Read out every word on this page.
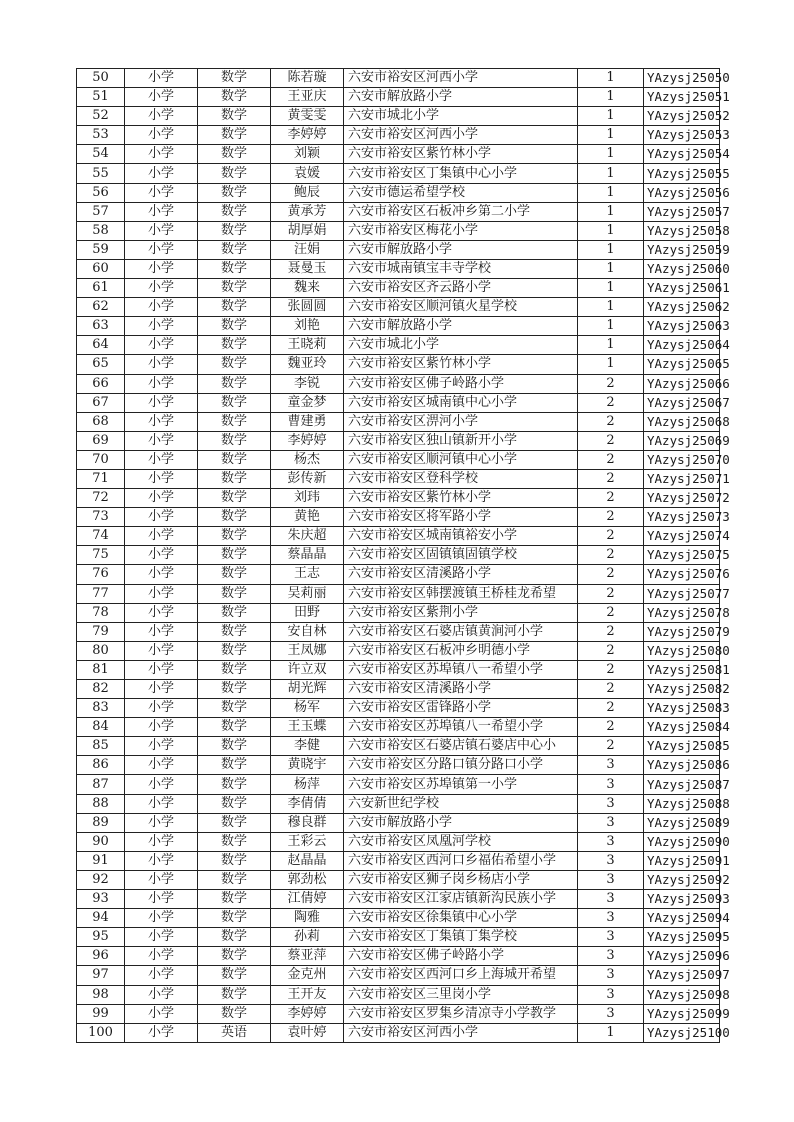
50	小学	数学	陈若璇	六安市裕安区河西小学	1	YAzysj25050
51	小学	数学	王亚庆	六安市解放路小学	1	YAzysj25051
52	小学	数学	黄雯雯	六安市城北小学	1	YAzysj25052
53	小学	数学	李婷婷	六安市裕安区河西小学	1	YAzysj25053
54	小学	数学	刘颖	六安市裕安区紫竹林小学	1	YAzysj25054
55	小学	数学	袁媛	六安市裕安区丁集镇中心小学	1	YAzysj25055
56	小学	数学	鲍辰	六安市德运希望学校	1	YAzysj25056
57	小学	数学	黄承芳	六安市裕安区石板冲乡第二小学	1	YAzysj25057
58	小学	数学	胡厚娟	六安市裕安区梅花小学	1	YAzysj25058
59	小学	数学	汪娟	六安市解放路小学	1	YAzysj25059
60	小学	数学	聂曼玉	六安市城南镇宝丰寺学校	1	YAzysj25060
61	小学	数学	魏来	六安市裕安区齐云路小学	1	YAzysj25061
62	小学	数学	张圆圆	六安市裕安区顺河镇火星学校	1	YAzysj25062
63	小学	数学	刘艳	六安市解放路小学	1	YAzysj25063
64	小学	数学	王晓莉	六安市城北小学	1	YAzysj25064
65	小学	数学	魏亚玲	六安市裕安区紫竹林小学	1	YAzysj25065
66	小学	数学	李锐	六安市裕安区佛子岭路小学	2	YAzysj25066
67	小学	数学	童金梦	六安市裕安区城南镇中心小学	2	YAzysj25067
68	小学	数学	曹建勇	六安市裕安区淠河小学	2	YAzysj25068
69	小学	数学	李婷婷	六安市裕安区独山镇新开小学	2	YAzysj25069
70	小学	数学	杨杰	六安市裕安区顺河镇中心小学	2	YAzysj25070
71	小学	数学	彭传新	六安市裕安区登科学校	2	YAzysj25071
72	小学	数学	刘玮	六安市裕安区紫竹林小学	2	YAzysj25072
73	小学	数学	黄艳	六安市裕安区将军路小学	2	YAzysj25073
74	小学	数学	朱庆超	六安市裕安区城南镇裕安小学	2	YAzysj25074
75	小学	数学	蔡晶晶	六安市裕安区固镇镇固镇学校	2	YAzysj25075
76	小学	数学	王志	六安市裕安区清溪路小学	2	YAzysj25076
77	小学	数学	吴莉丽	六安市裕安区韩摆渡镇王桥桂龙希望	2	YAzysj25077
78	小学	数学	田野	六安市裕安区紫荆小学	2	YAzysj25078
79	小学	数学	安自林	六安市裕安区石婆店镇黄涧河小学	2	YAzysj25079
80	小学	数学	王凤娜	六安市裕安区石板冲乡明德小学	2	YAzysj25080
81	小学	数学	许立双	六安市裕安区苏埠镇八一希望小学	2	YAzysj25081
82	小学	数学	胡光辉	六安市裕安区清溪路小学	2	YAzysj25082
83	小学	数学	杨军	六安市裕安区雷锋路小学	2	YAzysj25083
84	小学	数学	王玉蝶	六安市裕安区苏埠镇八一希望小学	2	YAzysj25084
85	小学	数学	李健	六安市裕安区石婆店镇石婆店中心小	2	YAzysj25085
86	小学	数学	黄晓宇	六安市裕安区分路口镇分路口小学	3	YAzysj25086
87	小学	数学	杨萍	六安市裕安区苏埠镇第一小学	3	YAzysj25087
88	小学	数学	李倩倩	六安新世纪学校	3	YAzysj25088
89	小学	数学	穆良群	六安市解放路小学	3	YAzysj25089
90	小学	数学	王彩云	六安市裕安区凤凰河学校	3	YAzysj25090
91	小学	数学	赵晶晶	六安市裕安区西河口乡福佑希望小学	3	YAzysj25091
92	小学	数学	郭劲松	六安市裕安区狮子岗乡杨店小学	3	YAzysj25092
93	小学	数学	江倩婷	六安市裕安区江家店镇新沟民族小学	3	YAzysj25093
94	小学	数学	陶雅	六安市裕安区徐集镇中心小学	3	YAzysj25094
95	小学	数学	孙莉	六安市裕安区丁集镇丁集学校	3	YAzysj25095
96	小学	数学	蔡亚萍	六安市裕安区佛子岭路小学	3	YAzysj25096
97	小学	数学	金克州	六安市裕安区西河口乡上海城开希望	3	YAzysj25097
98	小学	数学	王开友	六安市裕安区三里岗小学	3	YAzysj25098
99	小学	数学	李婷婷	六安市裕安区罗集乡清凉寺小学教学	3	YAzysj25099
100	小学	英语	袁叶婷	六安市裕安区河西小学	1	YAzysj25100
